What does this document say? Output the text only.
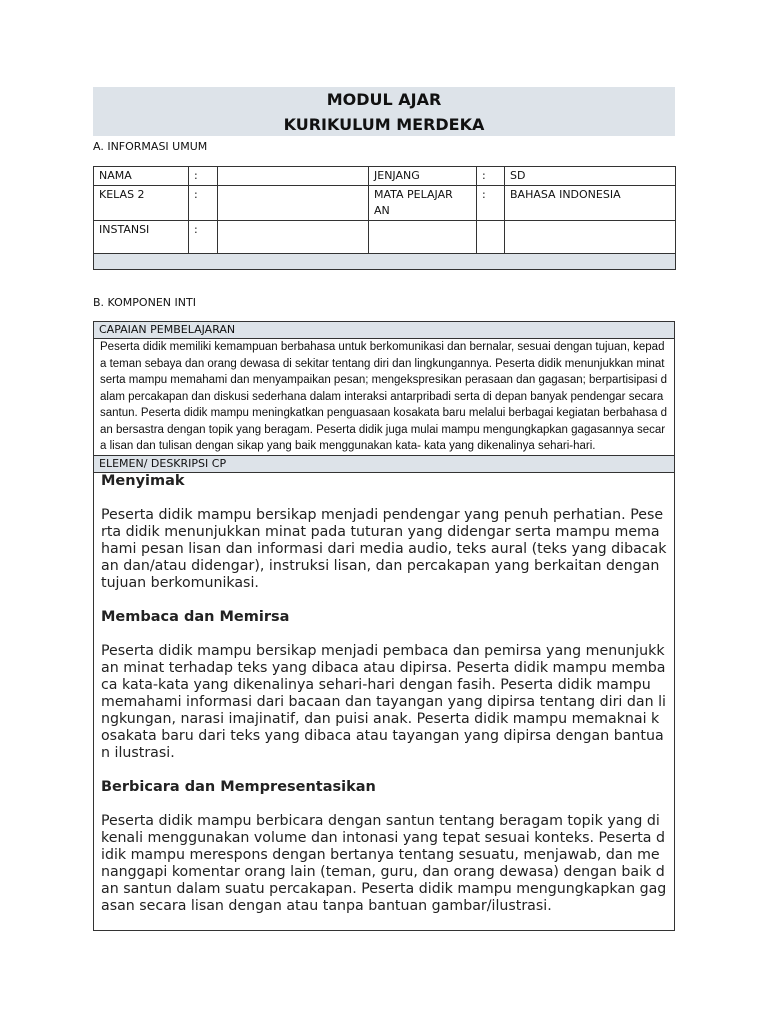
MODUL AJAR
KURIKULUM MERDEKA
A. INFORMASI UMUM
NAMA	:		JENJANG	:	SD
KELAS 2	:		MATA PELAJAR AN	:	BAHASA INDONESIA
INSTANSI	:				

B. KOMPONEN INTI
CAPAIAN PEMBELAJARAN
Peserta didik memiliki kemampuan berbahasa untuk berkomunikasi dan bernalar, sesuai dengan tujuan, kepada teman sebaya dan orang dewasa di sekitar tentang diri dan lingkungannya. Peserta didik menunjukkan minat serta mampu memahami dan menyampaikan pesan; mengekspresikan perasaan dan gagasan; berpartisipasi dalam percakapan dan diskusi sederhana dalam interaksi antarpribadi serta di depan banyak pendengar secara santun. Peserta didik mampu meningkatkan penguasaan kosakata baru melalui berbagai kegiatan berbahasa dan bersastra dengan topik yang beragam. Peserta didik juga mulai mampu mengungkapkan gagasannya secara lisan dan tulisan dengan sikap yang baik menggunakan kata- kata yang dikenalinya sehari-hari.
ELEMEN/ DESKRIPSI CP
Menyimak

Peserta didik mampu bersikap menjadi pendengar yang penuh perhatian. Peserta didik menunjukkan minat pada tuturan yang didengar serta mampu memahami pesan lisan dan informasi dari media audio, teks aural (teks yang dibacakan dan/atau didengar), instruksi lisan, dan percakapan yang berkaitan dengan tujuan berkomunikasi.

Membaca dan Memirsa

Peserta didik mampu bersikap menjadi pembaca dan pemirsa yang menunjukkan minat terhadap teks yang dibaca atau dipirsa. Peserta didik mampu membaca kata-kata yang dikenalinya sehari-hari dengan fasih. Peserta didik mampu memahami informasi dari bacaan dan tayangan yang dipirsa tentang diri dan lingkungan, narasi imajinatif, dan puisi anak. Peserta didik mampu memaknai kosakata baru dari teks yang dibaca atau tayangan yang dipirsa dengan bantuan ilustrasi.

Berbicara dan Mempresentasikan

Peserta didik mampu berbicara dengan santun tentang beragam topik yang dikenali menggunakan volume dan intonasi yang tepat sesuai konteks. Peserta didik mampu merespons dengan bertanya tentang sesuatu, menjawab, dan menanggapi komentar orang lain (teman, guru, dan orang dewasa) dengan baik dan santun dalam suatu percakapan. Peserta didik mampu mengungkapkan gagasan secara lisan dengan atau tanpa bantuan gambar/ilustrasi.
